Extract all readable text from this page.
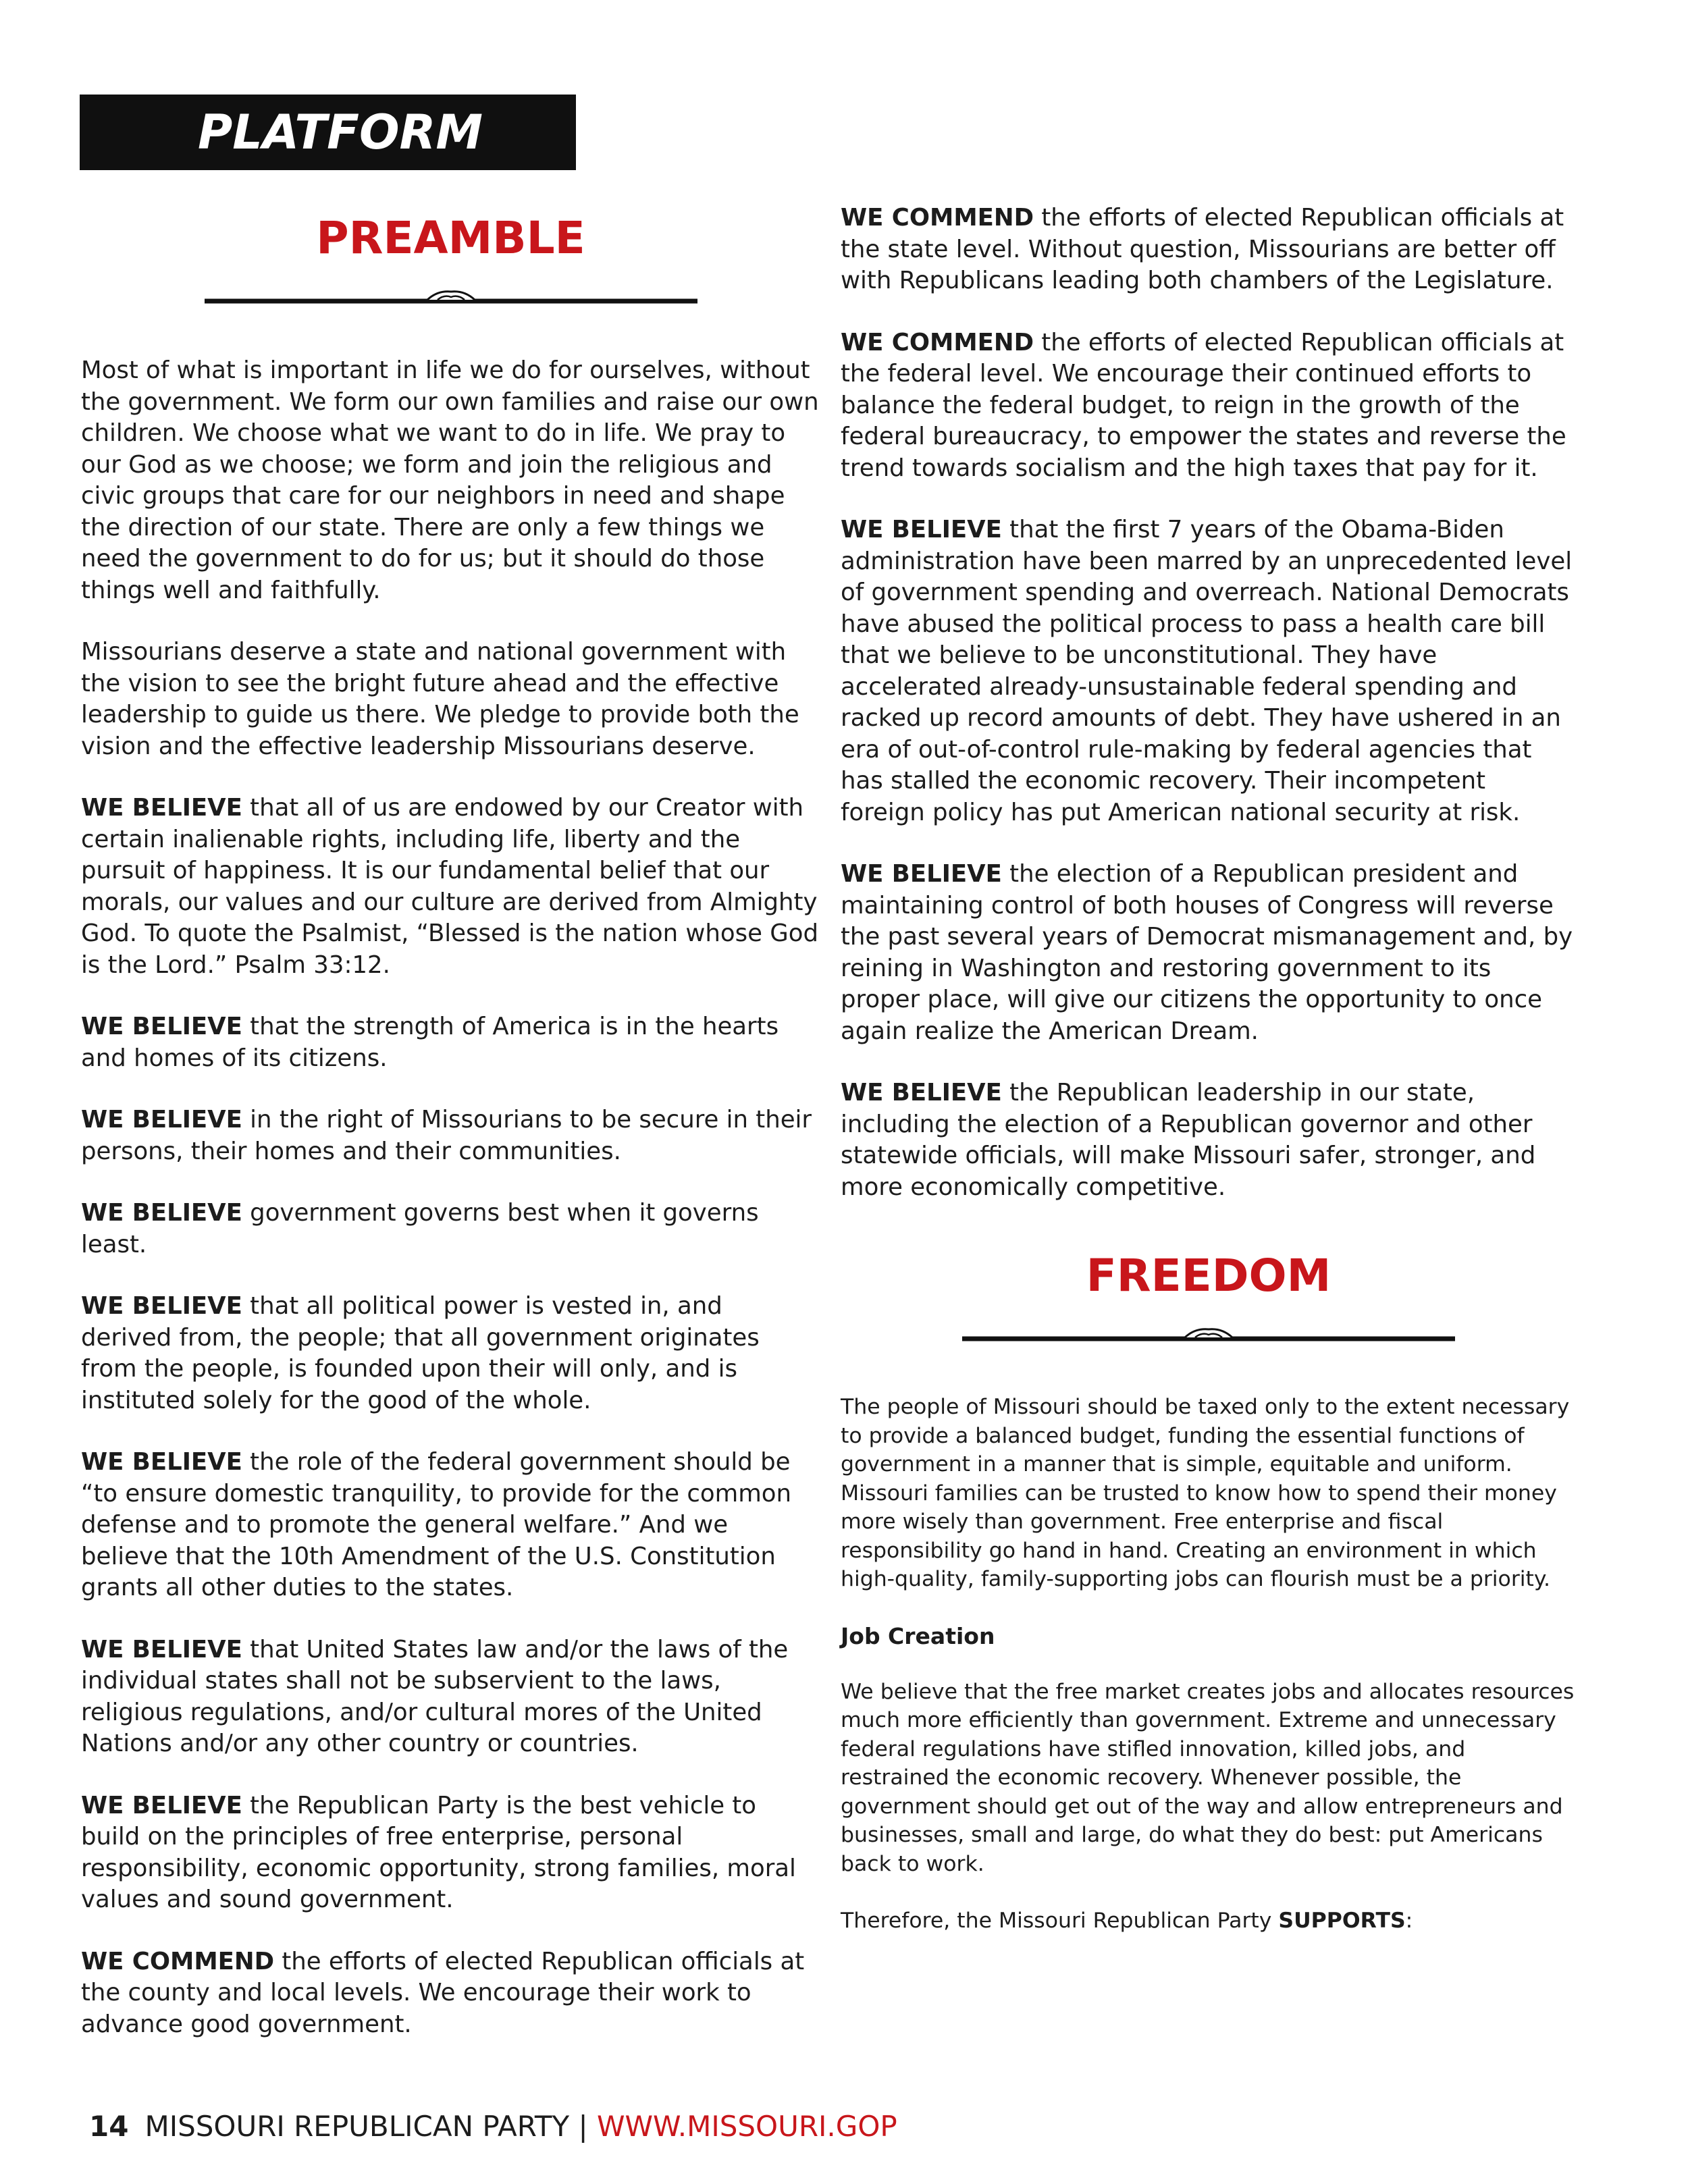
PLATFORM
PREAMBLE

Most of what is important in life we do for ourselves, without the government. We form our own families and raise our own children. We choose what we want to do in life. We pray to our God as we choose; we form and join the religious and civic groups that care for our neighbors in need and shape the direction of our state. There are only a few things we need the government to do for us; but it should do those things well and faithfully.

Missourians deserve a state and national government with the vision to see the bright future ahead and the effective leadership to guide us there. We pledge to provide both the vision and the effective leadership Missourians deserve.

WE BELIEVE that all of us are endowed by our Creator with certain inalienable rights, including life, liberty and the pursuit of happiness. It is our fundamental belief that our morals, our values and our culture are derived from Almighty God. To quote the Psalmist, “Blessed is the nation whose God is the Lord.” Psalm 33:12.

WE BELIEVE that the strength of America is in the hearts and homes of its citizens.

WE BELIEVE in the right of Missourians to be secure in their persons, their homes and their communities.

WE BELIEVE government governs best when it governs least.

WE BELIEVE that all political power is vested in, and derived from, the people; that all government originates from the people, is founded upon their will only, and is instituted solely for the good of the whole.

WE BELIEVE the role of the federal government should be “to ensure domestic tranquility, to provide for the common defense and to promote the general welfare.” And we believe that the 10th Amendment of the U.S. Constitution grants all other duties to the states.

WE BELIEVE that United States law and/or the laws of the individual states shall not be subservient to the laws, religious regulations, and/or cultural mores of the United Nations and/or any other country or countries.

WE BELIEVE the Republican Party is the best vehicle to build on the principles of free enterprise, personal responsibility, economic opportunity, strong families, moral values and sound government.

WE COMMEND the efforts of elected Republican officials at the county and local levels. We encourage their work to advance good government.

WE COMMEND the efforts of elected Republican officials at the state level. Without question, Missourians are better off with Republicans leading both chambers of the Legislature.

WE COMMEND the efforts of elected Republican officials at the federal level. We encourage their continued efforts to balance the federal budget, to reign in the growth of the federal bureaucracy, to empower the states and reverse the trend towards socialism and the high taxes that pay for it.

WE BELIEVE that the first 7 years of the Obama-Biden administration have been marred by an unprecedented level of government spending and overreach. National Democrats have abused the political process to pass a health care bill that we believe to be unconstitutional. They have accelerated already-unsustainable federal spending and racked up record amounts of debt. They have ushered in an era of out-of-control rule-making by federal agencies that has stalled the economic recovery. Their incompetent foreign policy has put American national security at risk.

WE BELIEVE the election of a Republican president and maintaining control of both houses of Congress will reverse the past several years of Democrat mismanagement and, by reining in Washington and restoring government to its proper place, will give our citizens the opportunity to once again realize the American Dream.

WE BELIEVE the Republican leadership in our state, including the election of a Republican governor and other statewide officials, will make Missouri safer, stronger, and more economically competitive.

FREEDOM

The people of Missouri should be taxed only to the extent necessary to provide a balanced budget, funding the essential functions of government in a manner that is simple, equitable and uniform. Missouri families can be trusted to know how to spend their money more wisely than government. Free enterprise and fiscal responsibility go hand in hand. Creating an environment in which high-quality, family-supporting jobs can flourish must be a priority.

Job Creation

We believe that the free market creates jobs and allocates resources much more efficiently than government. Extreme and unnecessary federal regulations have stifled innovation, killed jobs, and restrained the economic recovery. Whenever possible, the government should get out of the way and allow entrepreneurs and businesses, small and large, do what they do best: put Americans back to work.

Therefore, the Missouri Republican Party SUPPORTS:

14 MISSOURI REPUBLICAN PARTY | WWW.MISSOURI.GOP
